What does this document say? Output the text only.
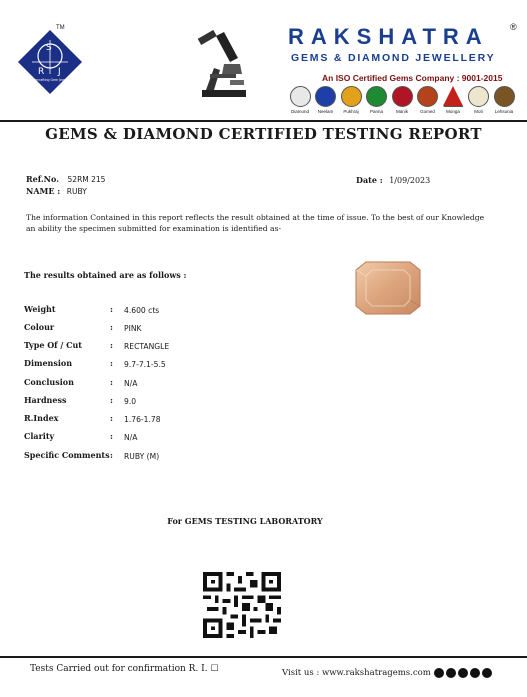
R
S
J
Mastercrafting Gem Jewellery
TM	RAKSHATRA ®
GEMS & DIAMOND JEWELLERY
An ISO Certified Gems Company : 9001-2015
Diamond Neelam Pukhraj	Panna	Manik	Gomed Munga	Moti	Lehsunia
GEMS & DIAMOND CERTIFIED TESTING REPORT
Ref.No. 52RM 215
NAME : RUBY
Date : 1/09/2023
The information Contained in this report reflects the result obtained at the time of issue. To the best of our Knowledge an ability the specimen submitted for examination is identified as-
The results obtained are as follows :
Weight	: 4.600 cts
Colour	: PINK
Type Of / Cut	: RECTANGLE
Dimension	: 9.7-7.1-5.5
Conclusion	: N/A
Hardness	: 9.0
R.Index	: 1.76-1.78
Clarity	: N/A
Specific Comments : RUBY (M)
For GEMS TESTING LABORATORY
Tests Carried out for confirmation R. I. ☐	Visit us : www.rakshatragems.com
